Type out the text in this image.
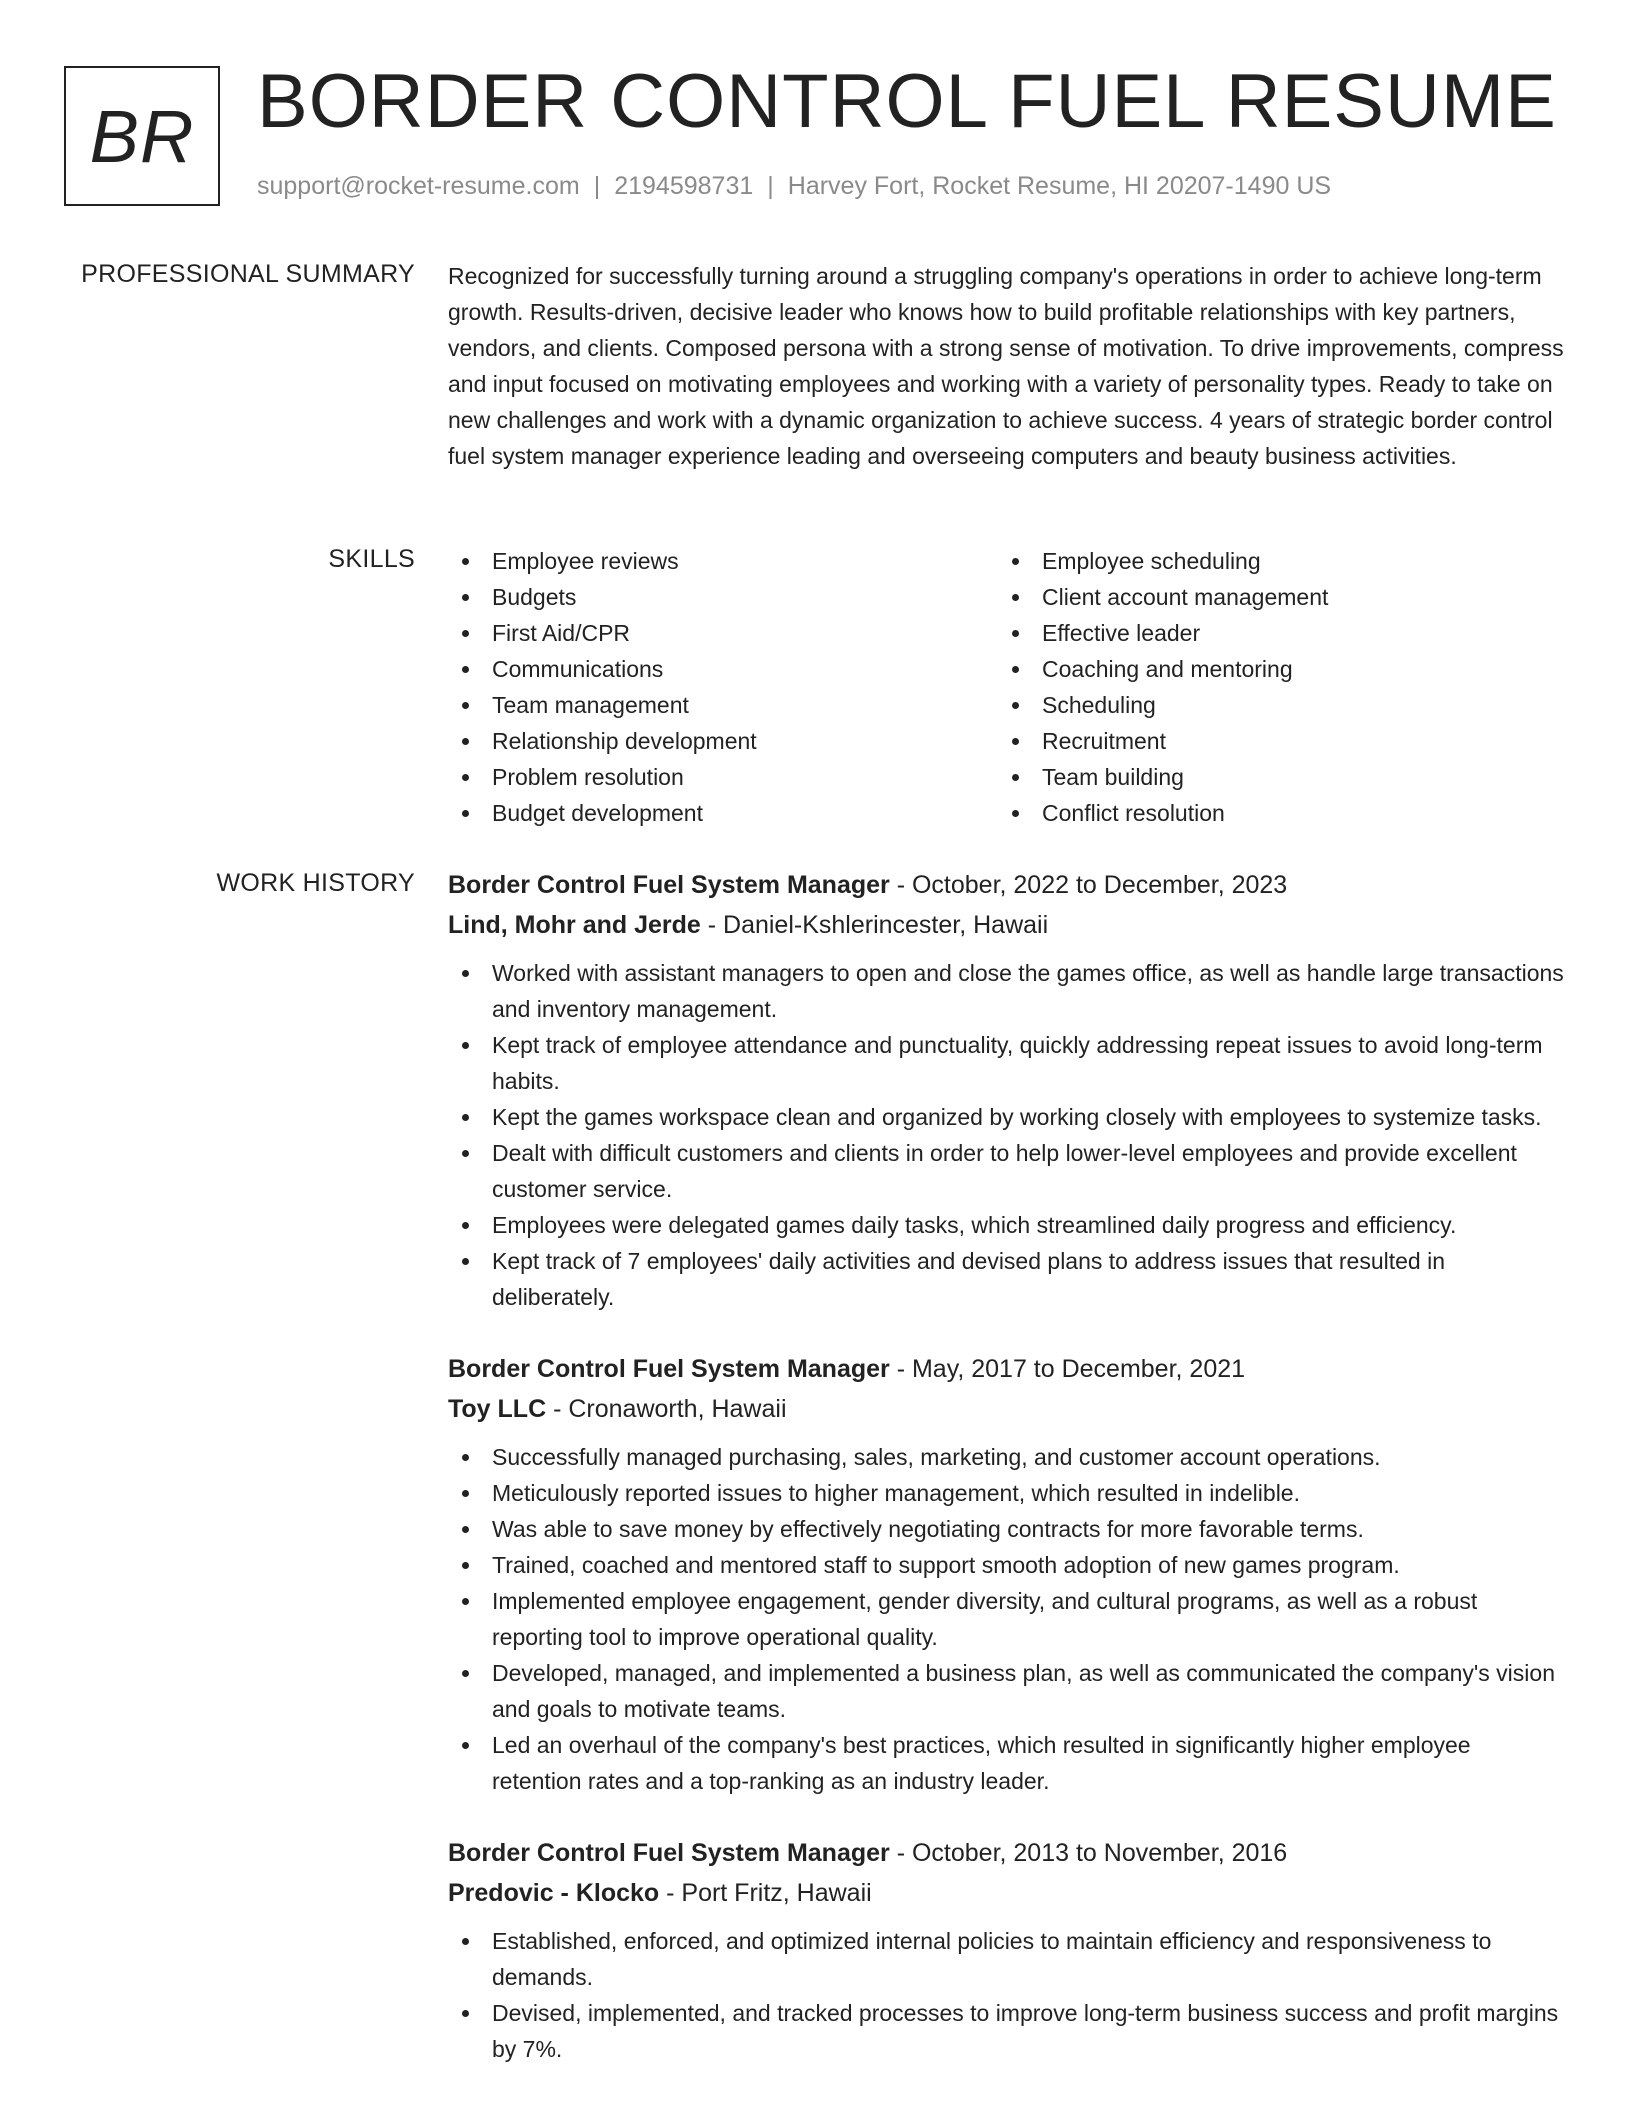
BR BORDER CONTROL FUEL RESUME
support@rocket-resume.com | 2194598731 | Harvey Fort, Rocket Resume, HI 20207-1490 US
PROFESSIONAL SUMMARY Recognized for successfully turning around a struggling company's operations in order to achieve long-term growth. Results-driven, decisive leader who knows how to build profitable relationships with key partners, vendors, and clients. Composed persona with a strong sense of motivation. To drive improvements, compress and input focused on motivating employees and working with a variety of personality types. Ready to take on new challenges and work with a dynamic organization to achieve success. 4 years of strategic border control fuel system manager experience leading and overseeing computers and beauty business activities.

SKILLS	Employee reviews
Budgets
First Aid/CPR
Communications
Team management
Relationship development
Problem resolution
Budget development
Employee scheduling
Client account management
Effective leader
Coaching and mentoring
Scheduling
Recruitment
Team building
Conflict resolution
WORK HISTORY Border Control Fuel System Manager - October, 2022 to December, 2023
Lind, Mohr and Jerde - Daniel-Kshlerincester, Hawaii
Worked with assistant managers to open and close the games office, as well as handle large transactions and inventory management.
Kept track of employee attendance and punctuality, quickly addressing repeat issues to avoid long-term habits.
Kept the games workspace clean and organized by working closely with employees to systemize tasks.
Dealt with difficult customers and clients in order to help lower-level employees and provide excellent customer service.
Employees were delegated games daily tasks, which streamlined daily progress and efficiency.
Kept track of 7 employees' daily activities and devised plans to address issues that resulted in deliberately.
Border Control Fuel System Manager - May, 2017 to December, 2021
Toy LLC - Cronaworth, Hawaii
Successfully managed purchasing, sales, marketing, and customer account operations.
Meticulously reported issues to higher management, which resulted in indelible.
Was able to save money by effectively negotiating contracts for more favorable terms.
Trained, coached and mentored staff to support smooth adoption of new games program.
Implemented employee engagement, gender diversity, and cultural programs, as well as a robust reporting tool to improve operational quality.
Developed, managed, and implemented a business plan, as well as communicated the company's vision and goals to motivate teams.
Led an overhaul of the company's best practices, which resulted in significantly higher employee retention rates and a top-ranking as an industry leader.
Border Control Fuel System Manager - October, 2013 to November, 2016
Predovic - Klocko - Port Fritz, Hawaii
Established, enforced, and optimized internal policies to maintain efficiency and responsiveness to demands.
Devised, implemented, and tracked processes to improve long-term business success and profit margins by 7%.
